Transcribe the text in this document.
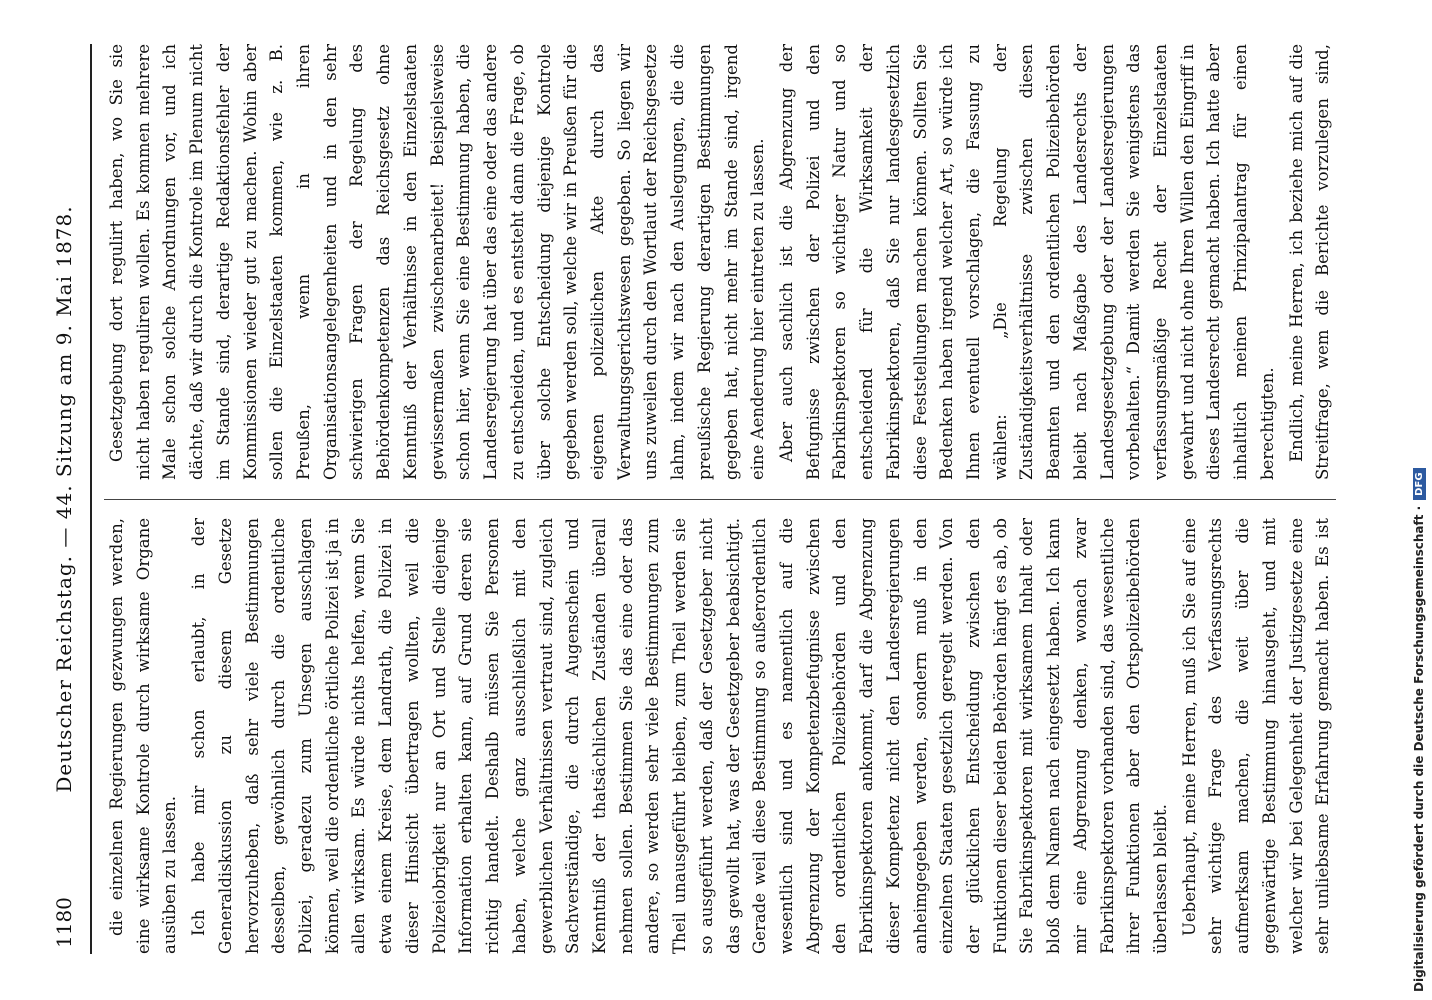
1180
Deutscher Reichstag. — 44. Sitzung am 9. Mai 1878. die einzelnen Regierungen gezwungen werden, eine wirksame Kontrole durch wirksame Organe ausüben zu lassen. Ich habe mir schon erlaubt, in der Generaldiskussion zu diesem Gesetze hervorzuheben, daß sehr viele Bestimmungen desselben, gewöhnlich durch die ordentliche Polizei, geradezu zum Unsegen ausschlagen können, weil die ordentliche örtliche Polizei ist ja in allen wirksam. Es würde nichts helfen, wenn Sie etwa einem Kreise, dem Landrath, die Polizei in dieser Hinsicht übertragen wollten, weil die Polizeiobrigkeit nur an Ort und Stelle diejenige Information erhalten kann, auf Grund deren sie richtig handelt. Deshalb müssen Sie Personen haben, welche ganz ausschließlich mit den gewerblichen Verhältnissen vertraut sind, zugleich Sachverständige, die durch Augenschein und Kenntniß der thatsächlichen Zuständen überall nehmen sollen. Bestimmen Sie das eine oder das andere, so werden sehr viele Bestimmungen zum Theil unausgeführt bleiben, zum Theil werden sie so ausgeführt werden, daß der Gesetzgeber nicht das gewollt hat, was der Gesetzgeber beabsichtigt. Gerade weil diese Bestimmung so außerordentlich wesentlich sind und es namentlich auf die Abgrenzung der Kompetenzbefugnisse zwischen den ordentlichen Polizeibehörden und den Fabrikinspektoren ankommt, darf die Abgrenzung dieser Kompetenz nicht den Landesregierungen anheimgegeben werden, sondern muß in den einzelnen Staaten gesetzlich geregelt werden. Von der glücklichen Entscheidung zwischen den Funktionen dieser beiden Behörden hängt es ab, ob Sie Fabrikinspektoren mit wirksamem Inhalt oder bloß dem Namen nach eingesetzt haben. Ich kann mir eine Abgrenzung denken, wonach zwar Fabrikinspektoren vorhanden sind, das wesentliche ihrer Funktionen aber den Ortspolizeibehörden überlassen bleibt. Ueberhaupt, meine Herren, muß ich Sie auf eine sehr wichtige Frage des Verfassungsrechts aufmerksam machen, die weit über die gegenwärtige Bestimmung hinausgeht, und mit welcher wir bei Gelegenheit der Justizgesetze eine sehr unliebsame Erfahrung gemacht haben. Es ist

Gesetzgebung dort regulirt haben, wo Sie sie nicht haben reguliren wollen. Es kommen mehrere Male schon solche Anordnungen vor, und ich dächte, daß wir durch die Kontrole im Plenum nicht im Stande sind, derartige Redaktionsfehler der Kommissionen wieder gut zu machen. Wohin aber sollen die Einzelstaaten kommen, wie z. B. Preußen, wenn in ihren Organisationsangelegenheiten und in den sehr schwierigen Fragen der Regelung des Behördenkompetenzen das Reichsgesetz ohne Kenntniß der Verhältnisse in den Einzelstaaten gewissermaßen zwischenarbeitet! Beispielsweise schon hier, wenn Sie eine Bestimmung haben, die Landesregierung hat über das eine oder das andere zu entscheiden, und es entsteht dann die Frage, ob über solche Entscheidung diejenige Kontrole gegeben werden soll, welche wir in Preußen für die eigenen polizeilichen Akte durch das Verwaltungsgerichtswesen gegeben. So liegen wir uns zuweilen durch den Wortlaut der Reichsgesetze lahm, indem wir nach den Auslegungen, die die preußische Regierung derartigen Bestimmungen gegeben hat, nicht mehr im Stande sind, irgend eine Aenderung hier eintreten zu lassen. Aber auch sachlich ist die Abgrenzung der Befugnisse zwischen der Polizei und den Fabrikinspektoren so wichtiger Natur und so entscheidend für die Wirksamkeit der Fabrikinspektoren, daß Sie nur landesgesetzlich diese Feststellungen machen können. Sollten Sie Bedenken haben irgend welcher Art, so würde ich Ihnen eventuell vorschlagen, die Fassung zu wählen: „Die Regelung der Zuständigkeitsverhältnisse zwischen diesen Beamten und den ordentlichen Polizeibehörden bleibt nach Maßgabe des Landesrechts der Landesgesetzgebung oder der Landesregierungen vorbehalten.“ Damit werden Sie wenigstens das verfassungsmäßige Recht der Einzelstaaten gewahrt und nicht ohne Ihren Willen den Eingriff in dieses Landesrecht gemacht haben. Ich hatte aber inhaltlich meinen Prinzipalantrag für einen berechtigten. Endlich, meine Herren, ich beziehe mich auf die Streitfrage, wem die Berichte vorzulegen sind,

Digitalisierung gefördert durch die Deutsche Forschungsgemeinschaft ·DFG
